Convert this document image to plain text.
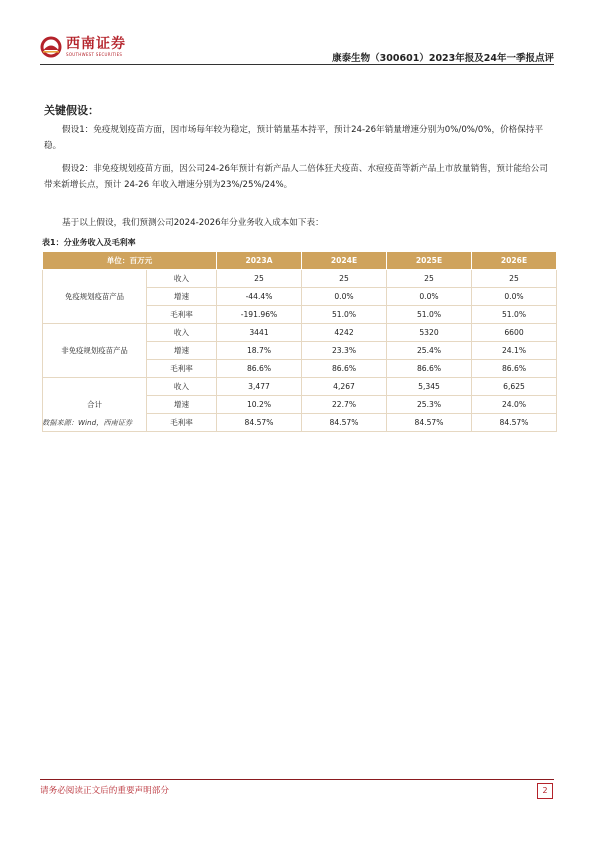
西南证券
SOUTHWEST SECURITIES	康泰生物（300601）2023年报及24年一季报点评
关键假设：
假设1：免疫规划疫苗方面，因市场每年较为稳定，预计销量基本持平，预计24-26年销量增速分别为0%/0%/0%，价格保持平稳。
假设2：非免疫规划疫苗方面，因公司24-26年预计有新产品人二倍体狂犬疫苗、水痘疫苗等新产品上市放量销售，预计能给公司带来新增长点，预计 24-26 年收入增速分别为23%/25%/24%。
基于以上假设，我们预测公司2024-2026年分业务收入成本如下表：
表1：分业务收入及毛利率
单位：百万元		2023A	2024E	2025E	2026E
免疫规划疫苗产品	收入	25	25	25	25
	增速	-44.4%	0.0%	0.0%	0.0%
	毛利率	-191.96%	51.0%	51.0%	51.0%
非免疫规划疫苗产品	收入	3441	4242	5320	6600
	增速	18.7%	23.3%	25.4%	24.1%
	毛利率	86.6%	86.6%	86.6%	86.6%
合计	收入	3,477	4,267	5,345	6,625
	增速	10.2%	22.7%	25.3%	24.0%
	毛利率	84.57%	84.57%	84.57%	84.57%
数据来源：Wind，西南证券
请务必阅读正文后的重要声明部分	2
